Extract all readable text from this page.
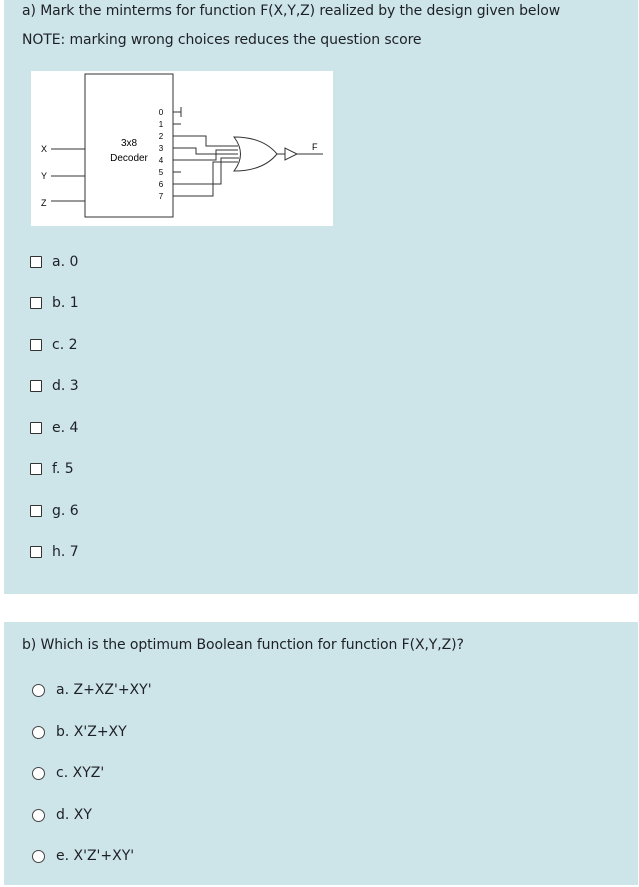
a) Mark the minterms for function F(X,Y,Z) realized by the design given below
NOTE: marking wrong choices reduces the question score
X
Y
Z
3x8
Decoder
0
1
2
3
4
5
6
7
F
a. 0
b. 1
c. 2
d. 3
e. 4
f. 5
g. 6
h. 7
b) Which is the optimum Boolean function for function F(X,Y,Z)?
a. Z+XZ'+XY'
b. X'Z+XY
c. XYZ'
d. XY
e. X'Z'+XY'
